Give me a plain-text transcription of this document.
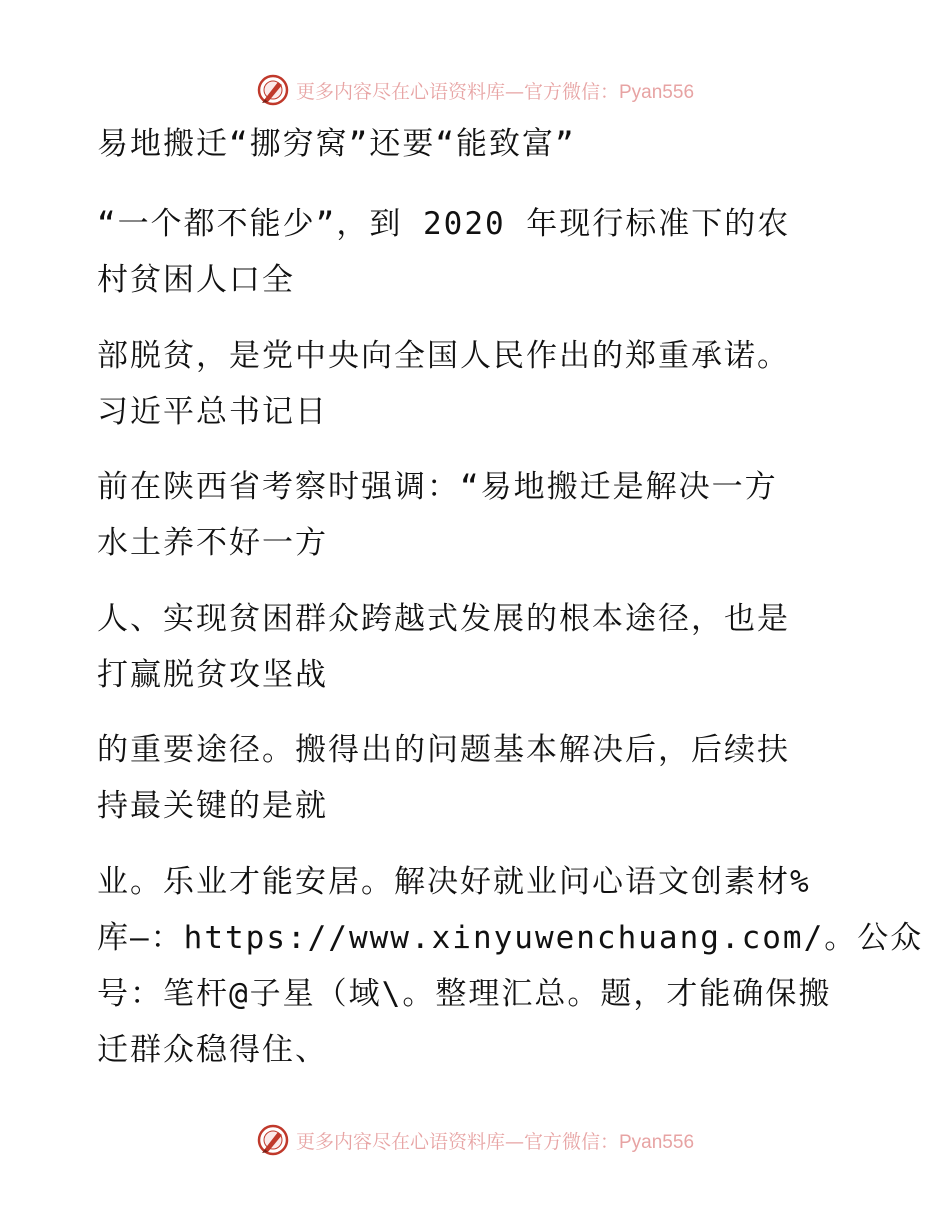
更多内容尽在心语资料库—官方微信：Pyan556
易地搬迁“挪穷窝”还要“能致富”
“一个都不能少”，到 2020 年现行标准下的农
村贫困人口全
部脱贫，是党中央向全国人民作出的郑重承诺。
习近平总书记日
前在陕西省考察时强调：“易地搬迁是解决一方
水土养不好一方
人、实现贫困群众跨越式发展的根本途径，也是
打赢脱贫攻坚战
的重要途径。搬得出的问题基本解决后，后续扶
持最关键的是就
业。乐业才能安居。解决好就业问心语文创素材%
库—：https://www.xinyuwenchuang.com/。公众
号：笔杆@子星（域\。整理汇总。题，才能确保搬
迁群众稳得住、
更多内容尽在心语资料库—官方微信：Pyan556
